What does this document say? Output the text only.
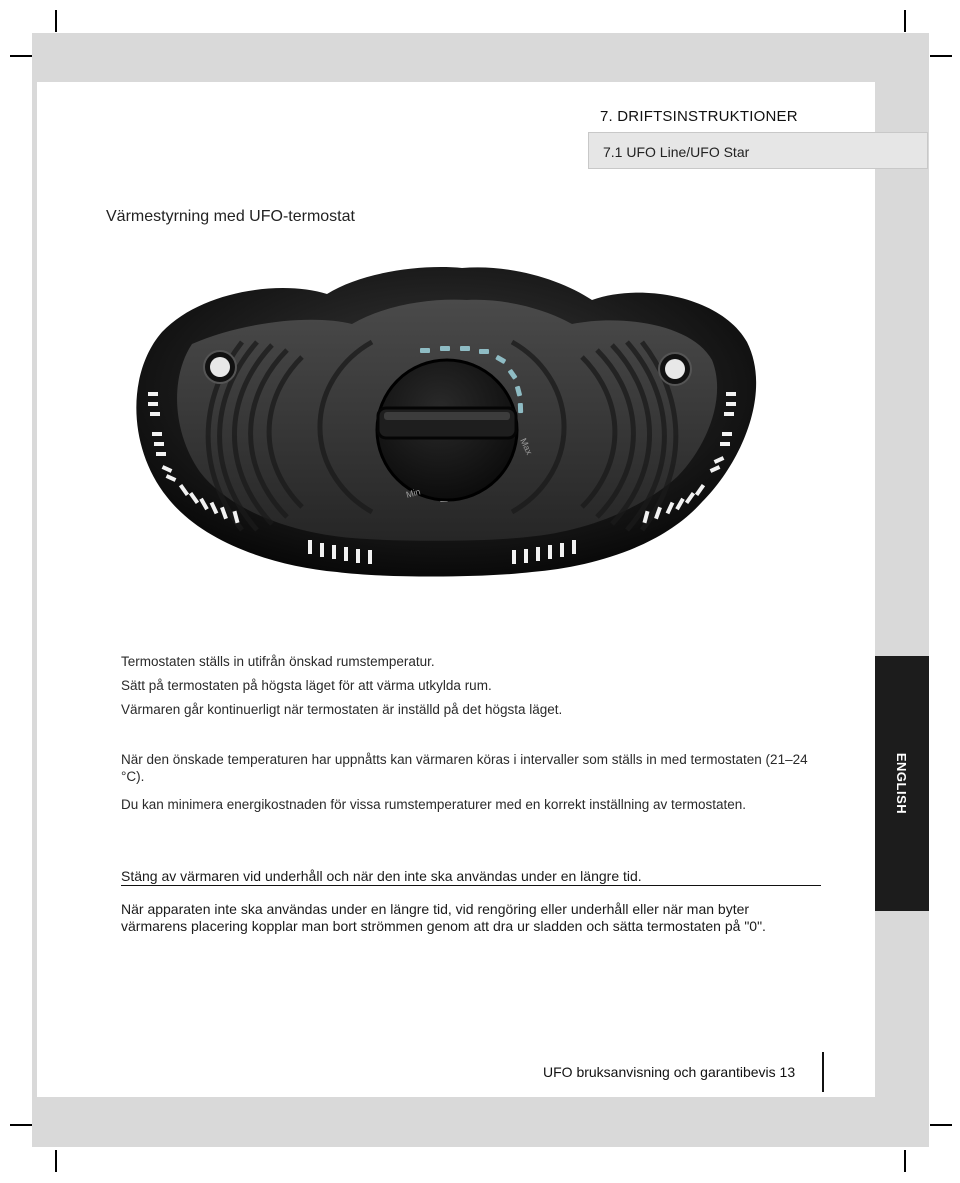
7. DRIFTSINSTRUKTIONER
7.1 UFO Line/UFO Star
Värmestyrning med UFO-termostat
Max
Min
Termostaten ställs in utifrån önskad rumstemperatur.
Sätt på termostaten på högsta läget för att värma utkylda rum.
Värmaren går kontinuerligt när termostaten är inställd på det högsta läget.
När den önskade temperaturen har uppnåtts kan värmaren köras i intervaller som ställs in med termostaten (21–24 °C).
Du kan minimera energikostnaden för vissa rumstemperaturer med en korrekt inställning av termostaten.
Stäng av värmaren vid underhåll och när den inte ska användas under en längre tid.
När apparaten inte ska användas under en längre tid, vid rengöring eller underhåll eller när man byter värmarens placering kopplar man bort strömmen genom att dra ur sladden och sätta termostaten på "0".
ENGLISH
UFO bruksanvisning och garantibevis 13
